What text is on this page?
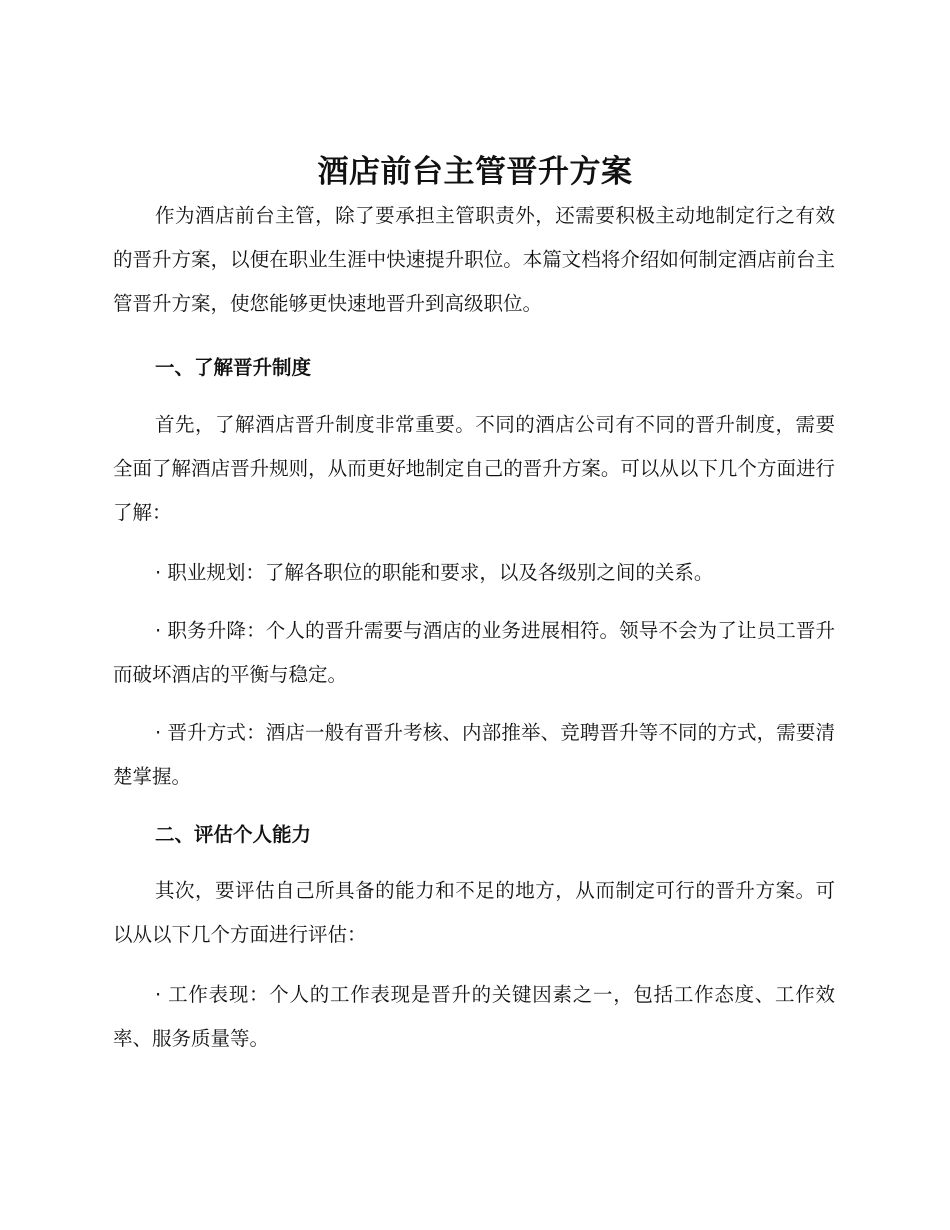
酒店前台主管晋升方案

作为酒店前台主管，除了要承担主管职责外，还需要积极主动地制定行之有效的晋升方案，以便在职业生涯中快速提升职位。本篇文档将介绍如何制定酒店前台主管晋升方案，使您能够更快速地晋升到高级职位。

一、了解晋升制度

首先，了解酒店晋升制度非常重要。不同的酒店公司有不同的晋升制度，需要全面了解酒店晋升规则，从而更好地制定自己的晋升方案。可以从以下几个方面进行了解：

· 职业规划：了解各职位的职能和要求，以及各级别之间的关系。

· 职务升降：个人的晋升需要与酒店的业务进展相符。领导不会为了让员工晋升而破坏酒店的平衡与稳定。

· 晋升方式：酒店一般有晋升考核、内部推举、竞聘晋升等不同的方式，需要清楚掌握。

二、评估个人能力

其次，要评估自己所具备的能力和不足的地方，从而制定可行的晋升方案。可以从以下几个方面进行评估：

· 工作表现：个人的工作表现是晋升的关键因素之一，包括工作态度、工作效率、服务质量等。
